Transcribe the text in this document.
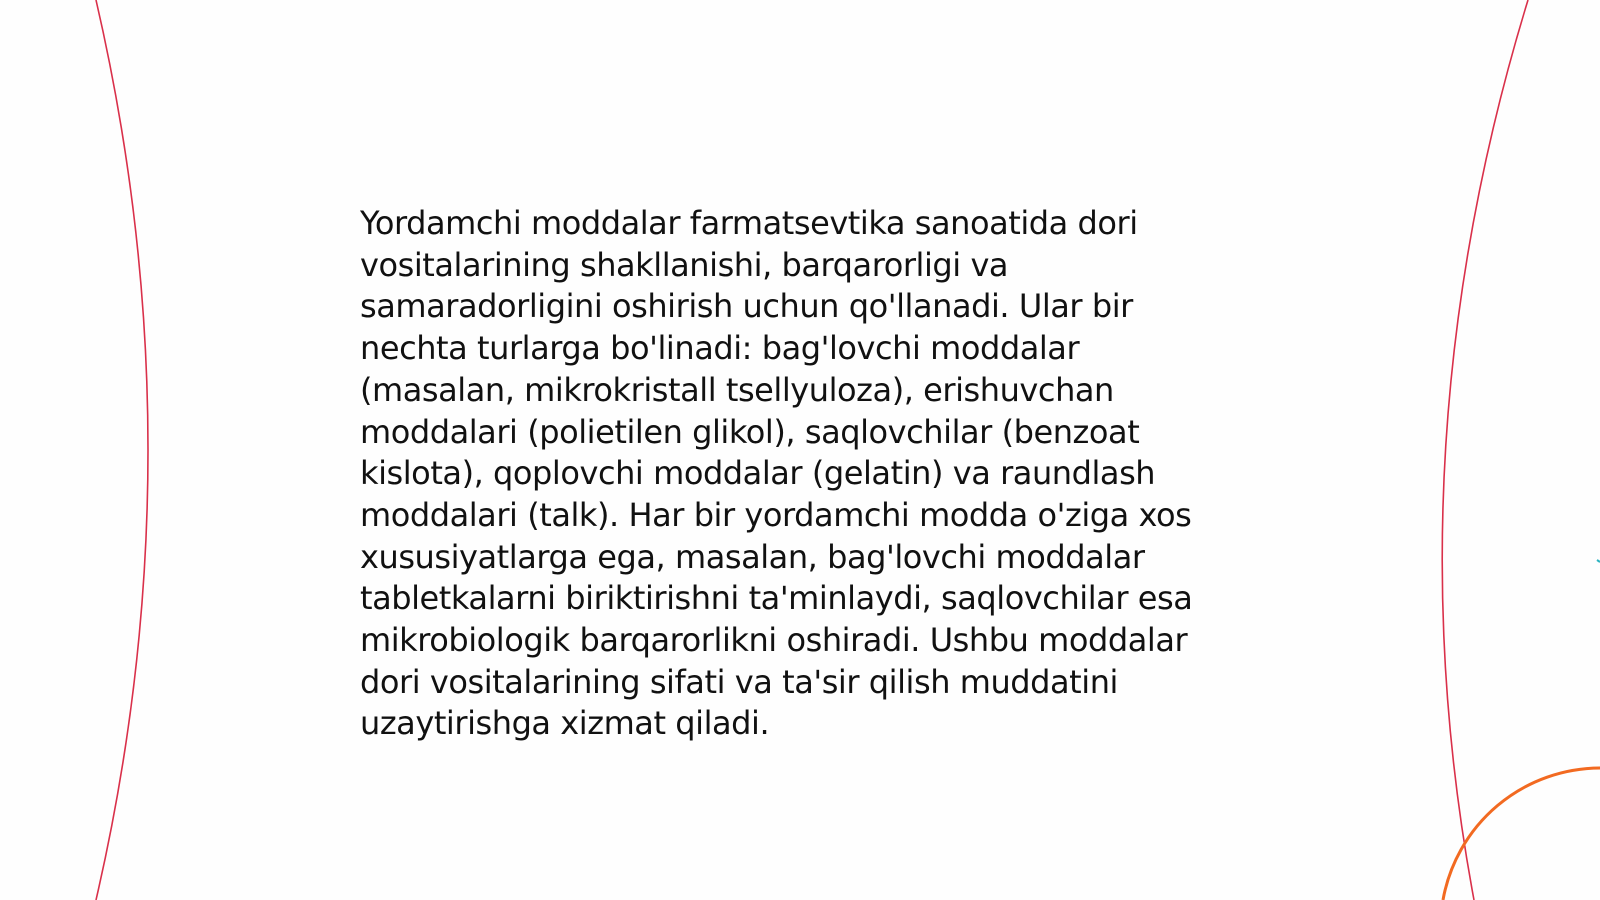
Yordamchi moddalar farmatsevtika sanoatida dori
vositalarining shakllanishi, barqarorligi va
samaradorligini oshirish uchun qo'llanadi. Ular bir
nechta turlarga bo'linadi: bag'lovchi moddalar
(masalan, mikrokristall tsellyuloza), erishuvchan
moddalari (polietilen glikol), saqlovchilar (benzoat
kislota), qoplovchi moddalar (gelatin) va raundlash
moddalari (talk). Har bir yordamchi modda o'ziga xos
xususiyatlarga ega, masalan, bag'lovchi moddalar
tabletkalarni biriktirishni ta'minlaydi, saqlovchilar esa
mikrobiologik barqarorlikni oshiradi. Ushbu moddalar
dori vositalarining sifati va ta'sir qilish muddatini
uzaytirishga xizmat qiladi.
